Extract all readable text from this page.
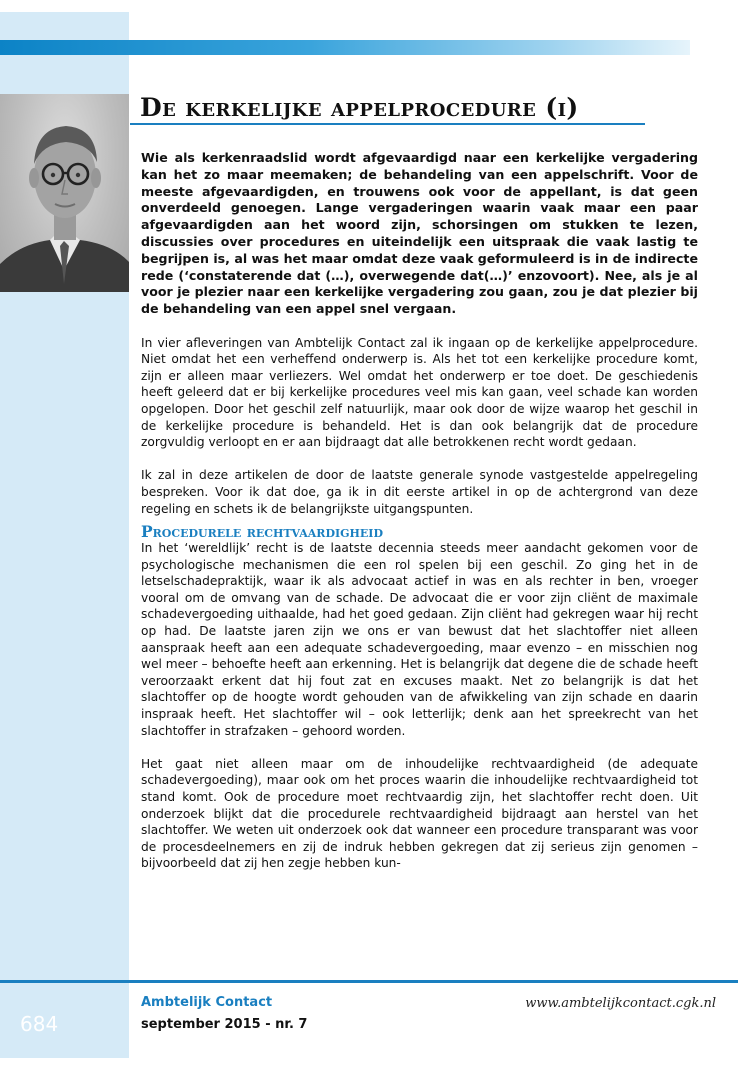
De kerkelijke appelprocedure (i)

Wie als kerkenraadslid wordt afgevaardigd naar een kerkelijke vergadering kan het zo maar meemaken; de behandeling van een appelschrift. Voor de meeste afgevaardigden, en trouwens ook voor de appellant, is dat geen onverdeeld genoegen. Lange vergaderingen waarin vaak maar een paar afgevaardigden aan het woord zijn, schorsingen om stukken te lezen, discussies over procedures en uiteindelijk een uitspraak die vaak lastig te begrijpen is, al was het maar omdat deze vaak geformuleerd is in de indirecte rede (‘constaterende dat (…), overwegende dat(…)’ enzovoort). Nee, als je al voor je plezier naar een kerkelijke vergadering zou gaan, zou je dat plezier bij de behandeling van een appel snel vergaan.

In vier afleveringen van Ambtelijk Contact zal ik ingaan op de kerkelijke appelprocedure. Niet omdat het een verheffend onderwerp is. Als het tot een kerkelijke procedure komt, zijn er alleen maar verliezers. Wel omdat het onderwerp er toe doet. De geschiedenis heeft geleerd dat er bij kerkelijke procedures veel mis kan gaan, veel schade kan worden opgelopen. Door het geschil zelf natuurlijk, maar ook door de wijze waarop het geschil in de kerkelijke procedure is behandeld. Het is dan ook belangrijk dat de procedure zorgvuldig verloopt en er aan bijdraagt dat alle betrokkenen recht wordt gedaan.

Ik zal in deze artikelen de door de laatste generale synode vastgestelde appelregeling bespreken. Voor ik dat doe, ga ik in dit eerste artikel in op de achtergrond van deze regeling en schets ik de belangrijkste uitgangspunten.

Procedurele rechtvaardigheid

In het ‘wereldlijk’ recht is de laatste decennia steeds meer aandacht gekomen voor de psychologische mechanismen die een rol spelen bij een geschil. Zo ging het in de letselschadepraktijk, waar ik als advocaat actief in was en als rechter in ben, vroeger vooral om de omvang van de schade. De advocaat die er voor zijn cliënt de maximale schadevergoeding uithaalde, had het goed gedaan. Zijn cliënt had gekregen waar hij recht op had. De laatste jaren zijn we ons er van bewust dat het slachtoffer niet alleen aanspraak heeft aan een adequate schadevergoeding, maar evenzo – en misschien nog wel meer – behoefte heeft aan erkenning. Het is belangrijk dat degene die de schade heeft veroorzaakt erkent dat hij fout zat en excuses maakt. Net zo belangrijk is dat het slachtoffer op de hoogte wordt gehouden van de afwikkeling van zijn schade en daarin inspraak heeft. Het slachtoffer wil – ook letterlijk; denk aan het spreekrecht van het slachtoffer in strafzaken – gehoord worden.

Het gaat niet alleen maar om de inhoudelijke rechtvaardigheid (de adequate schadevergoeding), maar ook om het proces waarin die inhoudelijke rechtvaardigheid tot stand komt. Ook de procedure moet rechtvaardig zijn, het slachtoffer recht doen. Uit onderzoek blijkt dat die procedurele rechtvaardigheid bijdraagt aan herstel van het slachtoffer. We weten uit onderzoek ook dat wanneer een procedure transparant was voor de procesdeelnemers en zij de indruk hebben gekregen dat zij serieus zijn genomen – bijvoorbeeld dat zij hen zegje hebben kun-

684
Ambtelijk Contact
september 2015 - nr. 7
www.ambtelijkcontact.cgk.nl
